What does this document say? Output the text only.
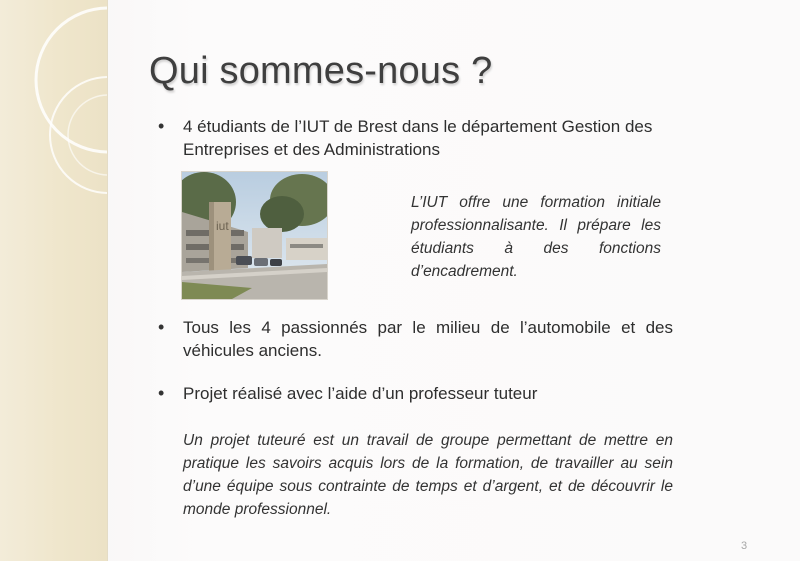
Qui sommes-nous ?
• 4 étudiants de l’IUT de Brest dans le département Gestion des Entreprises et des Administrations
iut
L’IUT offre une formation initiale professionnalisante. Il prépare les étudiants à des fonctions d’encadrement.
• Tous les 4 passionnés par le milieu de l’automobile et des véhicules anciens.
• Projet réalisé avec l’aide d’un professeur tuteur
Un projet tuteuré est un travail de groupe permettant de mettre en pratique les savoirs acquis lors de la formation, de travailler au sein d’une équipe sous contrainte de temps et d’argent, et de découvrir le monde professionnel.
3
